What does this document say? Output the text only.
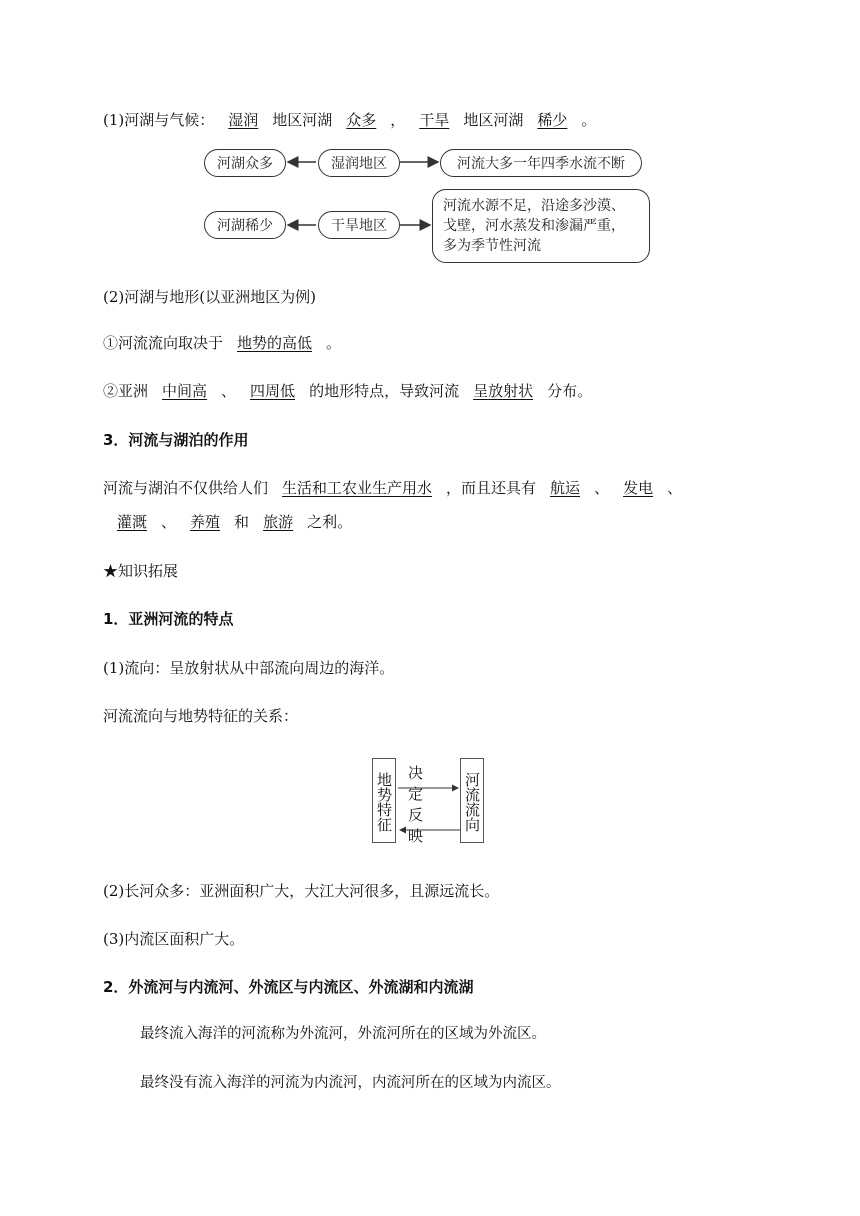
(1)河湖与气候： 湿润 地区河湖 众多 ， 干旱 地区河湖 稀少 。
河湖众多	湿润地区	河流大多一年四季水流不断
河湖稀少	干旱地区
河流水源不足，沿途多沙漠、
戈壁，河水蒸发和渗漏严重，
多为季节性河流
(2)河湖与地形(以亚洲地区为例)
①河流流向取决于 地势的高低 。
②亚洲 中间高 、 四周低 的地形特点，导致河流 呈放射状 分布。
3．河流与湖泊的作用
河流与湖泊不仅供给人们 生活和工农业生产用水 ，而且还具有 航运 、 发电 、
灌溉 、 养殖 和 旅游 之利。
★知识拓展
1．亚洲河流的特点
(1)流向：呈放射状从中部流向周边的海洋。
河流流向与地势特征的关系：
地势特征	河流流向
决定
反映
(2)长河众多：亚洲面积广大，大江大河很多，且源远流长。
(3)内流区面积广大。
2．外流河与内流河、外流区与内流区、外流湖和内流湖
最终流入海洋的河流称为外流河，外流河所在的区域为外流区。
最终没有流入海洋的河流为内流河，内流河所在的区域为内流区。
